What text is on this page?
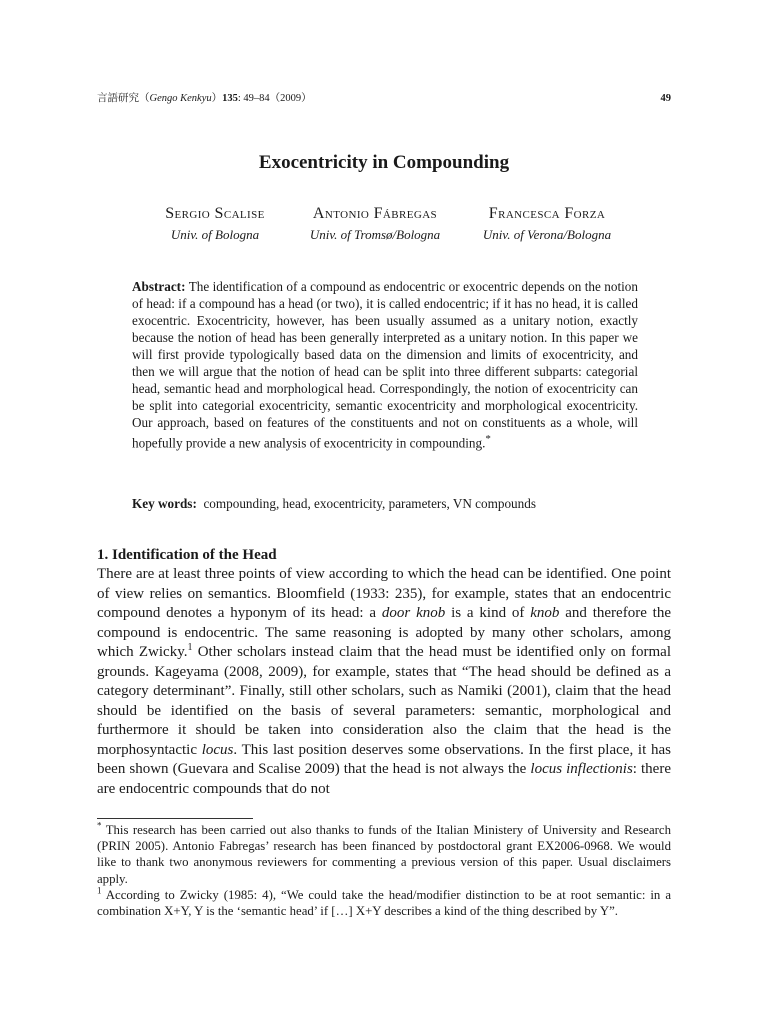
言語研究（Gengo Kenkyu）135: 49–84（2009）	49
Exocentricity in Compounding
Sergio Scalise
Univ. of Bologna
Antonio Fábregas
Univ. of Tromsø/Bologna
Francesca Forza
Univ. of Verona/Bologna
Abstract: The identification of a compound as endocentric or exocentric depends on the notion of head: if a compound has a head (or two), it is called endocentric; if it has no head, it is called exocentric. Exocentricity, however, has been usually assumed as a unitary notion, exactly because the notion of head has been generally interpreted as a unitary notion. In this paper we will first provide typologically based data on the dimension and limits of exocentricity, and then we will argue that the notion of head can be split into three different subparts: categorial head, semantic head and morphological head. Correspondingly, the notion of exocentricity can be split into categorial exocentricity, semantic exocentricity and morphological exocentricity. Our approach, based on features of the constituents and not on constituents as a whole, will hopefully provide a new analysis of exocentricity in compounding.*
Key words: compounding, head, exocentricity, parameters, VN compounds
1. Identification of the Head
There are at least three points of view according to which the head can be identified. One point of view relies on semantics. Bloomfield (1933: 235), for example, states that an endocentric compound denotes a hyponym of its head: a door knob is a kind of knob and therefore the compound is endocentric. The same reasoning is adopted by many other scholars, among which Zwicky.$^1$ Other scholars instead claim that the head must be identified only on formal grounds. Kageyama (2008, 2009), for example, states that “The head should be defined as a category determinant”. Finally, still other scholars, such as Namiki (2001), claim that the head should be identified on the basis of several parameters: semantic, morphological and furthermore it should be taken into consideration also the claim that the head is the morphosyntactic locus. This last position deserves some observations. In the first place, it has been shown (Guevara and Scalise 2009) that the head is not always the locus inflectionis: there are endocentric compounds that do not

* This research has been carried out also thanks to funds of the Italian Ministery of University and Research (PRIN 2005). Antonio Fabregas’ research has been financed by postdoctoral grant EX2006-0968. We would like to thank two anonymous reviewers for commenting a previous version of this paper. Usual disclaimers apply.

$^1$ According to Zwicky (1985: 4), “We could take the head/modifier distinction to be at root semantic: in a combination X+Y, Y is the ‘semantic head’ if […] X+Y describes a kind of the thing described by Y”.
